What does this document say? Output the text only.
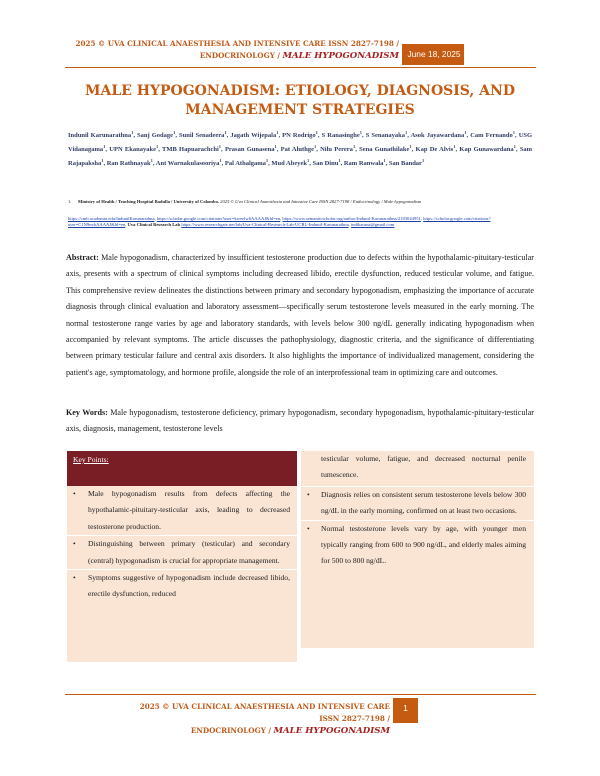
2025 © UVA CLINICAL ANAESTHESIA AND INTENSIVE CARE ISSN 2827-7198 /
ENDOCRINOLOGY / MALE HYPOGONADISM	June 18, 2025
MALE HYPOGONADISM: ETIOLOGY, DIAGNOSIS, AND MANAGEMENT STRATEGIES
Indunil Karunarathna$^1$, Sanj Godage$^1$, Sunil Senadeera$^1$, Jagath Wijepala$^1$, PN Rodrigo$^1$, S Ranasinghe$^1$, S Senanayaka$^1$, Asok Jayawardana$^1$, Cam Fernando$^1$, USG Vidanagama$^1$, UPN Ekanayake$^1$, TMB Hapuarachchi$^1$, Prasan Gunasena$^1$, Pat Aluthge$^1$, Nilu Perera$^1$, Sena Gunathilake$^1$, Kap De Alvis$^1$, Kap Gunawardana$^1$, Sam Rajapaksha$^1$, Ran Rathnayak$^1$, Ant Warnakulasooriya$^1$, Pal Athalgama$^1$, Mud Abeyek$^1$, San Dinu$^1$, Ram Ranwala$^1$, San Bandar$^1$
1. Ministry of Health / Teaching Hospital Badulla / University of Colombo. 2025 © Uva Clinical Anaesthesia and Intensive Care ISSN 2827-7198 / Endocrinology / Male hypogonadism
https://cmb.academia.edu/IndunilKarunarathna, https://scholar.google.com/citations?user=kweelw6AAAAJ&hl=en, https://www.semanticscholar.org/author/Indunil-Karunarathna/2183044951, https://scholar.google.com/citations?user=C1N9nvkAAAAJ&hl=en, Uva Clinical Research Lab https://www.researchgate.net/lab/Uva-Clinical-Research-Lab-UCRL-Indunil-Karunarathna, indikaruna@gmail.com
Abstract: Male hypogonadism, characterized by insufficient testosterone production due to defects within the hypothalamic-pituitary-testicular axis, presents with a spectrum of clinical symptoms including decreased libido, erectile dysfunction, reduced testicular volume, and fatigue. This comprehensive review delineates the distinctions between primary and secondary hypogonadism, emphasizing the importance of accurate diagnosis through clinical evaluation and laboratory assessment—specifically serum testosterone levels measured in the early morning. The normal testosterone range varies by age and laboratory standards, with levels below 300 ng/dL generally indicating hypogonadism when accompanied by relevant symptoms. The article discusses the pathophysiology, diagnostic criteria, and the significance of differentiating between primary testicular failure and central axis disorders. It also highlights the importance of individualized management, considering the patient's age, symptomatology, and hormone profile, alongside the role of an interprofessional team in optimizing care and outcomes.
Key Words: Male hypogonadism, testosterone deficiency, primary hypogonadism, secondary hypogonadism, hypothalamic-pituitary-testicular axis, diagnosis, management, testosterone levels
Key Points:
• Male hypogonadism results from defects affecting the hypothalamic-pituitary-testicular axis, leading to decreased testosterone production.
• Distinguishing between primary (testicular) and secondary (central) hypogonadism is crucial for appropriate management.
• Symptoms suggestive of hypogonadism include decreased libido, erectile dysfunction, reduced
testicular volume, fatigue, and decreased nocturnal penile tumescence.
• Diagnosis relies on consistent serum testosterone levels below 300 ng/dL in the early morning, confirmed on at least two occasions.
• Normal testosterone levels vary by age, with younger men typically ranging from 600 to 900 ng/dL, and elderly males aiming for 500 to 800 ng/dL.
2025 © UVA CLINICAL ANAESTHESIA AND INTENSIVE CARE ISSN 2827-7198 /
ENDOCRINOLOGY / MALE HYPOGONADISM
1
